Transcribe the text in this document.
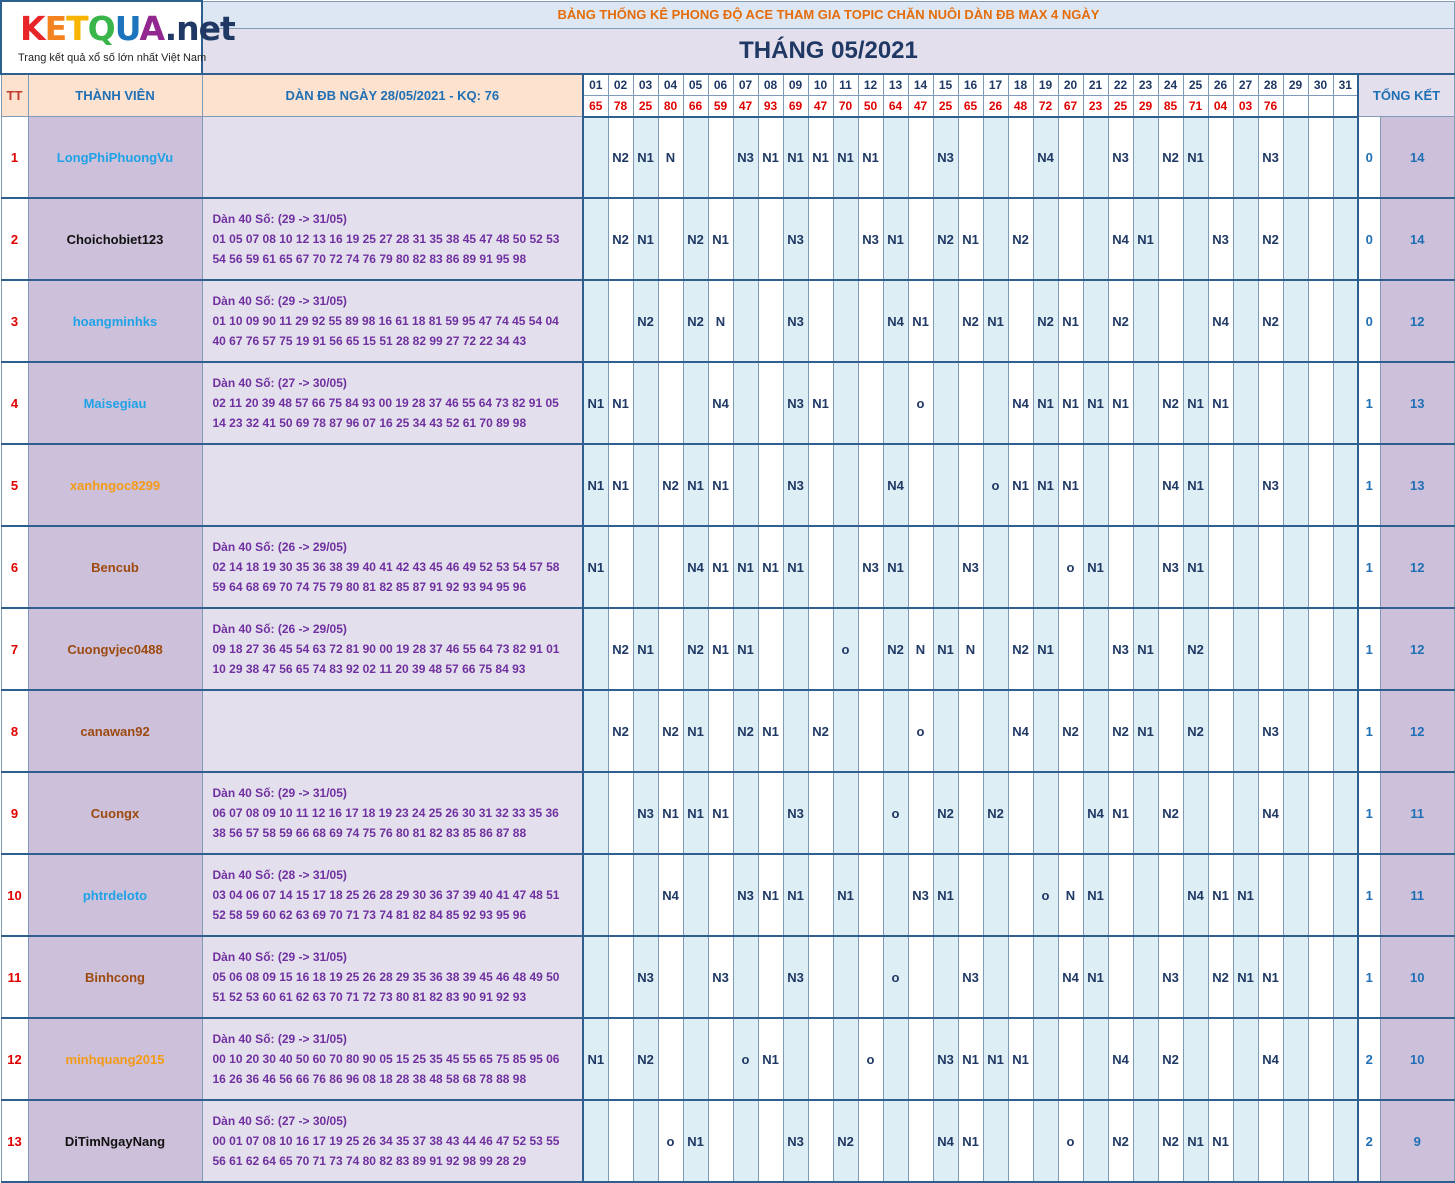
KETQUA.net
Trang kết quả xổ số lớn nhất Việt Nam		BẢNG THỐNG KÊ PHONG ĐỘ ACE THAM GIA TOPIC CHĂN NUÔI DÀN ĐB MAX 4 NGÀY																																	
		THÁNG 05/2021																																	
TT	THÀNH VIÊN	DÀN ĐB NGÀY 28/05/2021 - KQ: 76	01	02	03	04	05	06	07	08	09	10	11	12	13	14	15	16	17	18	19	20	21	22	23	24	25	26	27	28	29	30	31	TỔNG KẾT	
			65	78	25	80	66	59	47	93	69	47	70	50	64	47	25	65	26	48	72	67	23	25	29	85	71	04	03	76					
1	LongPhiPhuongVu			N2	N1	N			N3	N1	N1	N1	N1	N1			N3				N4			N3		N2	N1			N3				0	14
2	Choichobiet123	Dàn 40 Số: (29 -> 31/05)
01 05 07 08 10 12 13 16 19 25 27 28 31 35 38 45 47 48 50 52 53
54 56 59 61 65 67 70 72 74 76 79 80 82 83 86 89 91 95 98		N2	N1		N2	N1			N3			N3	N1		N2	N1		N2				N4	N1			N3		N2				0	14
3	hoangminhks	Dàn 40 Số: (29 -> 31/05)
01 10 09 90 11 29 92 55 89 98 16 61 18 81 59 95 47 74 45 54 04
40 67 76 57 75 19 91 56 65 15 51 28 82 99 27 72 22 34 43			N2		N2	N			N3				N4	N1		N2	N1		N2	N1		N2				N4		N2				0	12
4	Maisegiau	Dàn 40 Số: (27 -> 30/05)
02 11 20 39 48 57 66 75 84 93 00 19 28 37 46 55 64 73 82 91 05
14 23 32 41 50 69 78 87 96 07 16 25 34 43 52 61 70 89 98	N1	N1				N4			N3	N1				o				N4	N1	N1	N1	N1		N2	N1	N1						1	13
5	xanhngoc8299		N1	N1		N2	N1	N1			N3				N4				o	N1	N1	N1				N4	N1			N3				1	13
6	Bencub	Dàn 40 Số: (26 -> 29/05)
02 14 18 19 30 35 36 38 39 40 41 42 43 45 46 49 52 53 54 57 58
59 64 68 69 70 74 75 79 80 81 82 85 87 91 92 93 94 95 96	N1				N4	N1	N1	N1	N1			N3	N1			N3				o	N1			N3	N1							1	12
7	Cuongvjec0488	Dàn 40 Số: (26 -> 29/05)
09 18 27 36 45 54 63 72 81 90 00 19 28 37 46 55 64 73 82 91 01
10 29 38 47 56 65 74 83 92 02 11 20 39 48 57 66 75 84 93		N2	N1		N2	N1	N1				o		N2	N	N1	N		N2	N1			N3	N1		N2							1	12
8	canawan92			N2		N2	N1		N2	N1		N2				o				N4		N2		N2	N1		N2			N3				1	12
9	Cuongx	Dàn 40 Số: (29 -> 31/05)
06 07 08 09 10 11 12 16 17 18 19 23 24 25 26 30 31 32 33 35 36
38 56 57 58 59 66 68 69 74 75 76 80 81 82 83 85 86 87 88			N3	N1	N1	N1			N3				o		N2		N2				N4	N1		N2				N4				1	11
10	phtrdeloto	Dàn 40 Số: (28 -> 31/05)
03 04 06 07 14 15 17 18 25 26 28 29 30 36 37 39 40 41 47 48 51
52 58 59 60 62 63 69 70 71 73 74 81 82 84 85 92 93 95 96				N4			N3	N1	N1		N1			N3	N1				o	N	N1				N4	N1	N1					1	11
11	Binhcong	Dàn 40 Số: (29 -> 31/05)
05 06 08 09 15 16 18 19 25 26 28 29 35 36 38 39 45 46 48 49 50
51 52 53 60 61 62 63 70 71 72 73 80 81 82 83 90 91 92 93			N3			N3			N3				o			N3				N4	N1			N3		N2	N1	N1				1	10
12	minhquang2015	Dàn 40 Số: (29 -> 31/05)
00 10 20 30 40 50 60 70 80 90 05 15 25 35 45 55 65 75 85 95 06
16 26 36 46 56 66 76 86 96 08 18 28 38 48 58 68 78 88 98	N1		N2				o	N1				o			N3	N1	N1	N1				N4		N2				N4				2	10
13	DiTimNgayNang	Dàn 40 Số: (27 -> 30/05)
00 01 07 08 10 16 17 19 25 26 34 35 37 38 43 44 46 47 52 53 55
56 61 62 64 65 70 71 73 74 80 82 83 89 91 92 98 99 28 29				o	N1				N3		N2				N4	N1				o		N2		N2	N1	N1						2	9
